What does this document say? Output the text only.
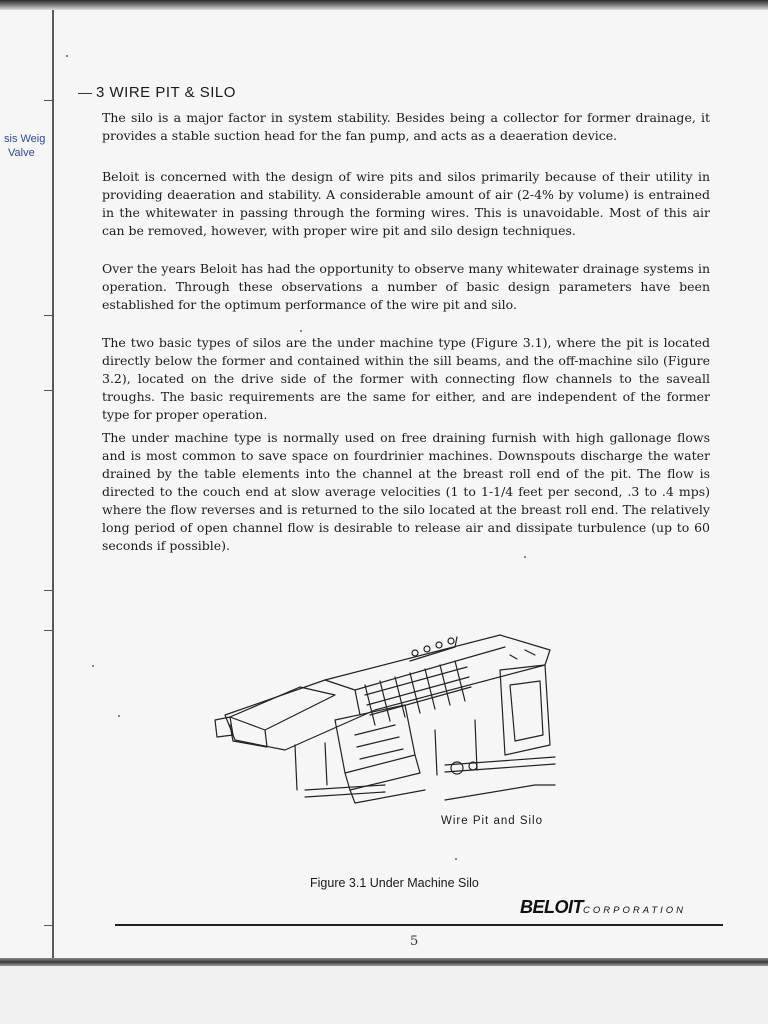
sis Weig
Valve
3 WIRE PIT & SILO

The silo is a major factor in system stability. Besides being a collector for former drainage, it provides a stable suction head for the fan pump, and acts as a deaeration device.

Beloit is concerned with the design of wire pits and silos primarily because of their utility in providing deaeration and stability. A considerable amount of air (2-4% by volume) is entrained in the whitewater in passing through the forming wires. This is unavoidable. Most of this air can be removed, however, with proper wire pit and silo design techniques.

Over the years Beloit has had the opportunity to observe many whitewater drainage systems in operation. Through these observations a number of basic design parameters have been established for the optimum performance of the wire pit and silo.

The two basic types of silos are the under machine type (Figure 3.1), where the pit is located directly below the former and contained within the sill beams, and the off-machine silo (Figure 3.2), located on the drive side of the former with connecting flow channels to the saveall troughs. The basic requirements are the same for either, and are independent of the former type for proper operation.

The under machine type is normally used on free draining furnish with high gallonage flows and is most common to save space on fourdrinier machines. Downspouts discharge the water drained by the table elements into the channel at the breast roll end of the pit. The flow is directed to the couch end at slow average velocities (1 to 1-1/4 feet per second, .3 to .4 mps) where the flow reverses and is returned to the silo located at the breast roll end. The relatively long period of open channel flow is desirable to release air and dissipate turbulence (up to 60 seconds if possible).

Wire Pit and Silo
Figure 3.1 Under Machine Silo
BELOITCORPORATION
5
